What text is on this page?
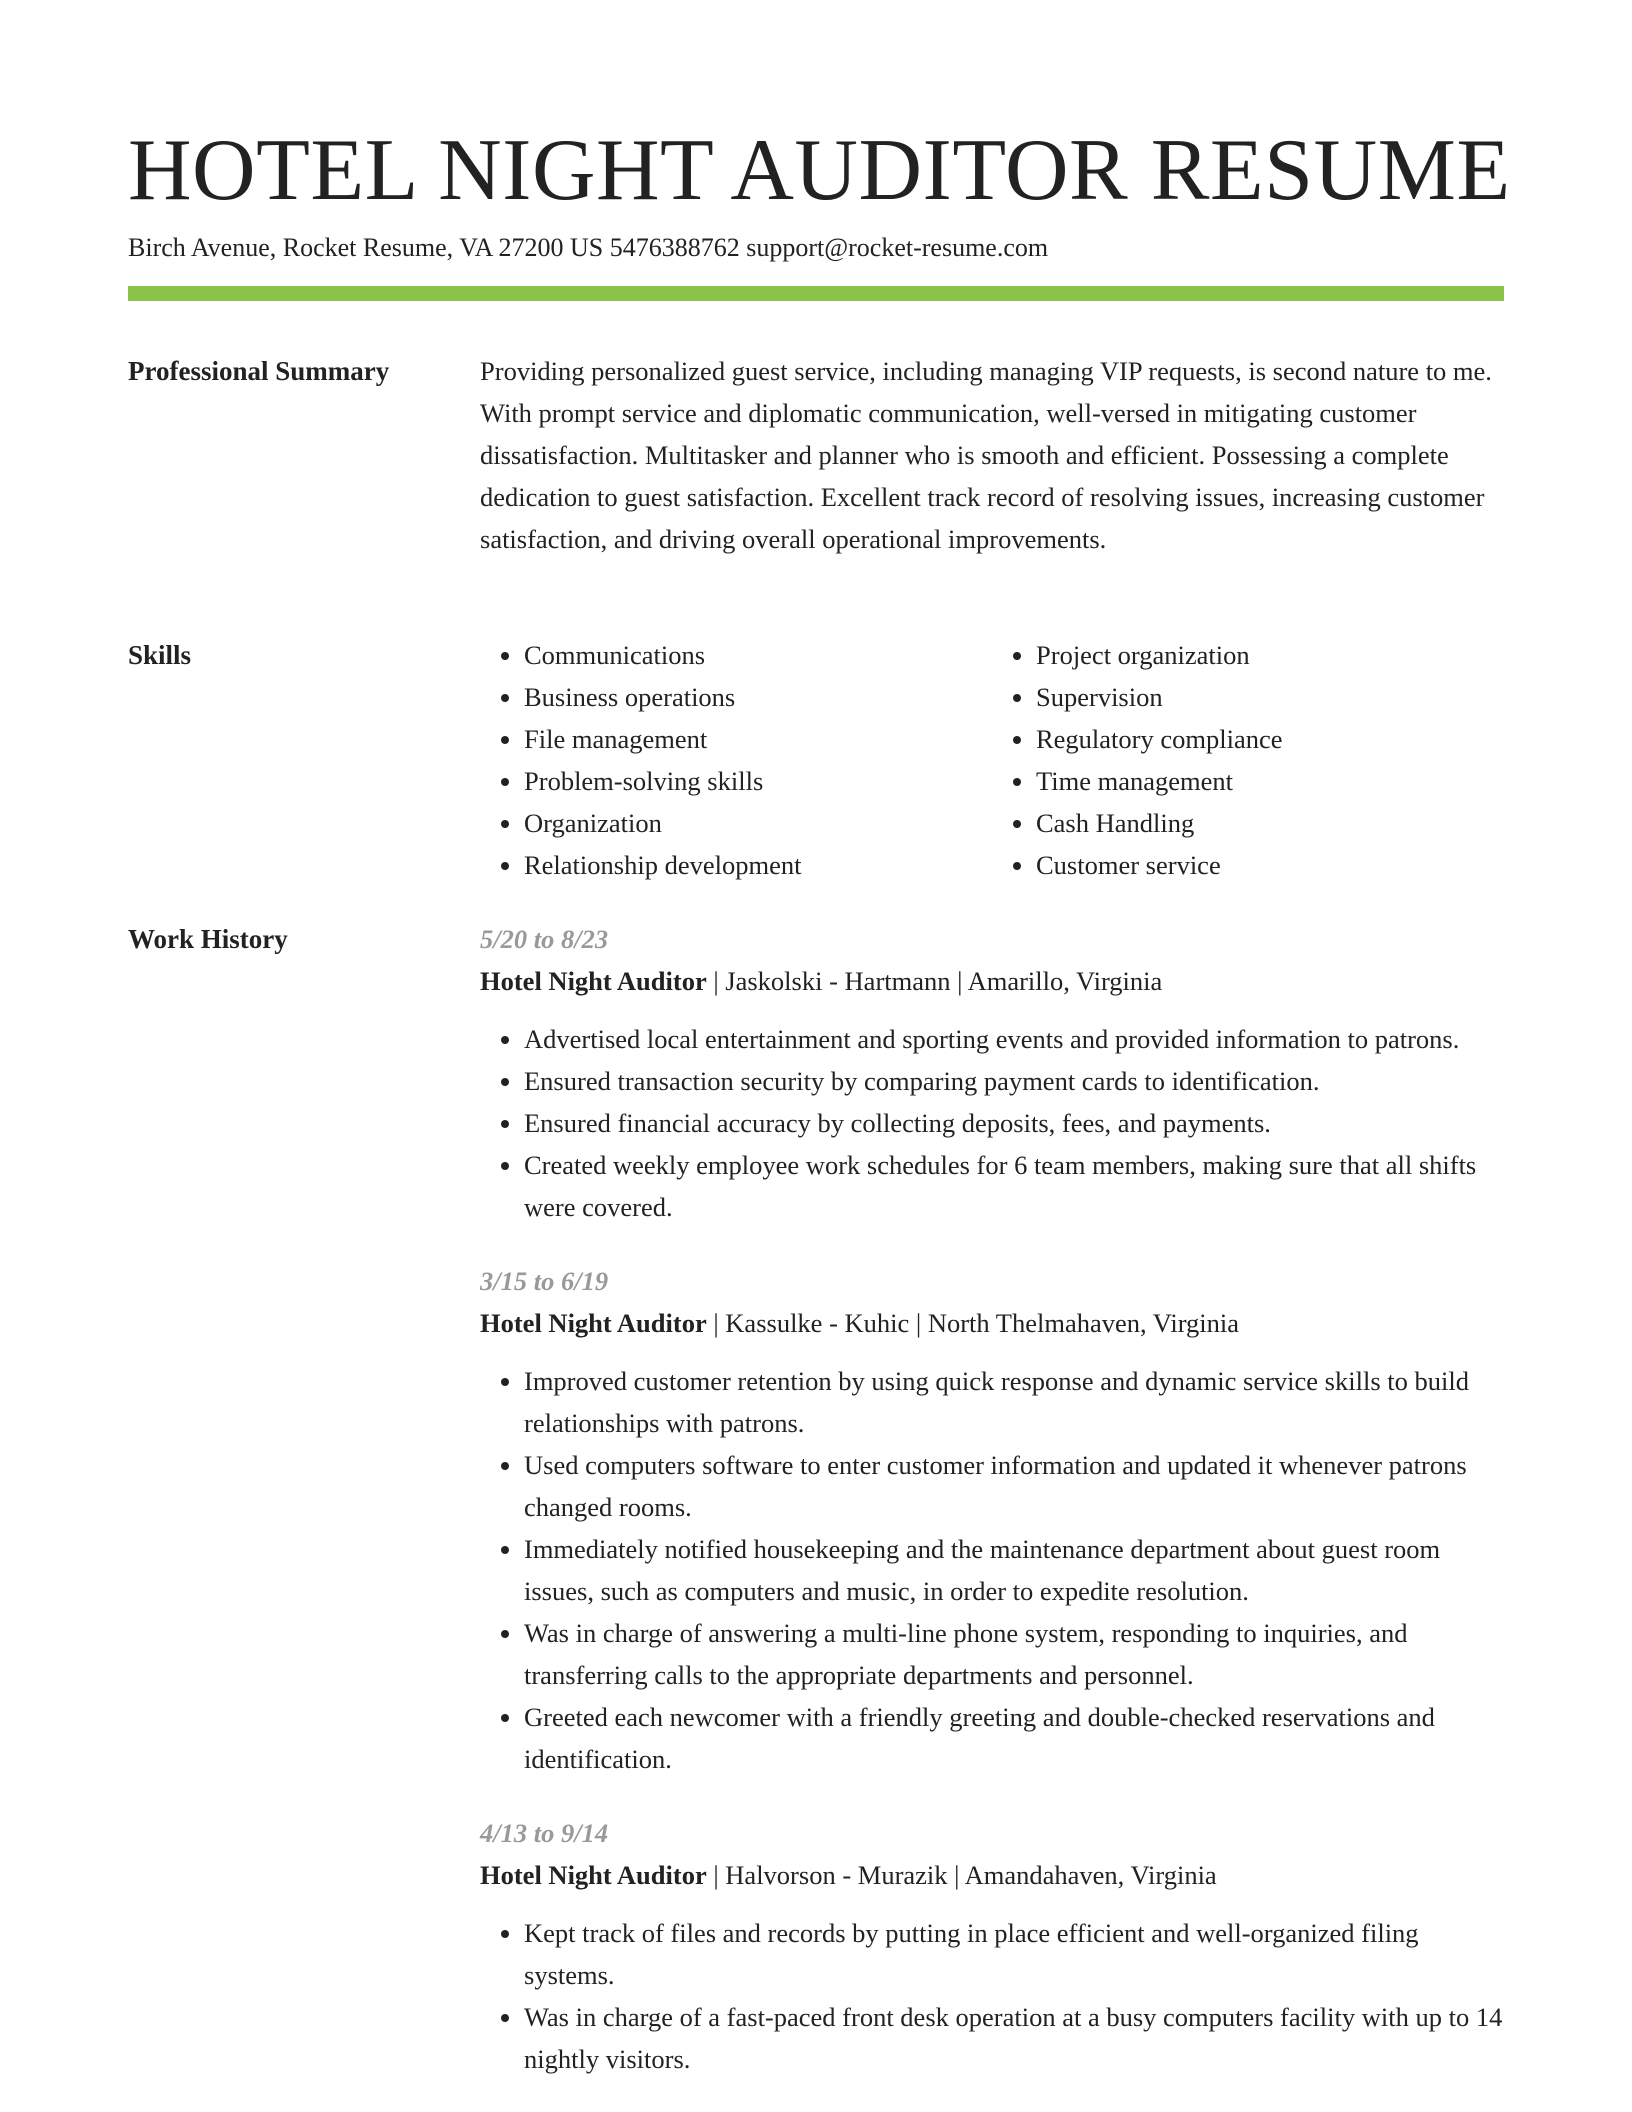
HOTEL NIGHT AUDITOR RESUME
Birch Avenue, Rocket Resume, VA 27200 US 5476388762 support@rocket-resume.com
Professional Summary	Providing personalized guest service, including managing VIP requests, is second nature to me. With prompt service and diplomatic communication, well-versed in mitigating customer dissatisfaction. Multitasker and planner who is smooth and efficient. Possessing a complete dedication to guest satisfaction. Excellent track record of resolving issues, increasing customer satisfaction, and driving overall operational improvements.

Skills
•	Communications
• Business operations
• File management
• Problem-solving skills
• Organization
• Relationship development
• Project organization
• Supervision
• Regulatory compliance
• Time management
• Cash Handling
• Customer service
Work History	5/20 to 8/23
Hotel Night Auditor | Jaskolski - Hartmann | Amarillo, Virginia
• Advertised local entertainment and sporting events and provided information to patrons.
• Ensured transaction security by comparing payment cards to identification.
• Ensured financial accuracy by collecting deposits, fees, and payments.
• Created weekly employee work schedules for 6 team members, making sure that all shifts were covered.
3/15 to 6/19
Hotel Night Auditor | Kassulke - Kuhic | North Thelmahaven, Virginia
• Improved customer retention by using quick response and dynamic service skills to build relationships with patrons.
• Used computers software to enter customer information and updated it whenever patrons changed rooms.
• Immediately notified housekeeping and the maintenance department about guest room issues, such as computers and music, in order to expedite resolution.
• Was in charge of answering a multi-line phone system, responding to inquiries, and transferring calls to the appropriate departments and personnel.
• Greeted each newcomer with a friendly greeting and double-checked reservations and identification.
4/13 to 9/14
Hotel Night Auditor | Halvorson - Murazik | Amandahaven, Virginia
• Kept track of files and records by putting in place efficient and well-organized filing systems.
• Was in charge of a fast-paced front desk operation at a busy computers facility with up to 14 nightly visitors.
